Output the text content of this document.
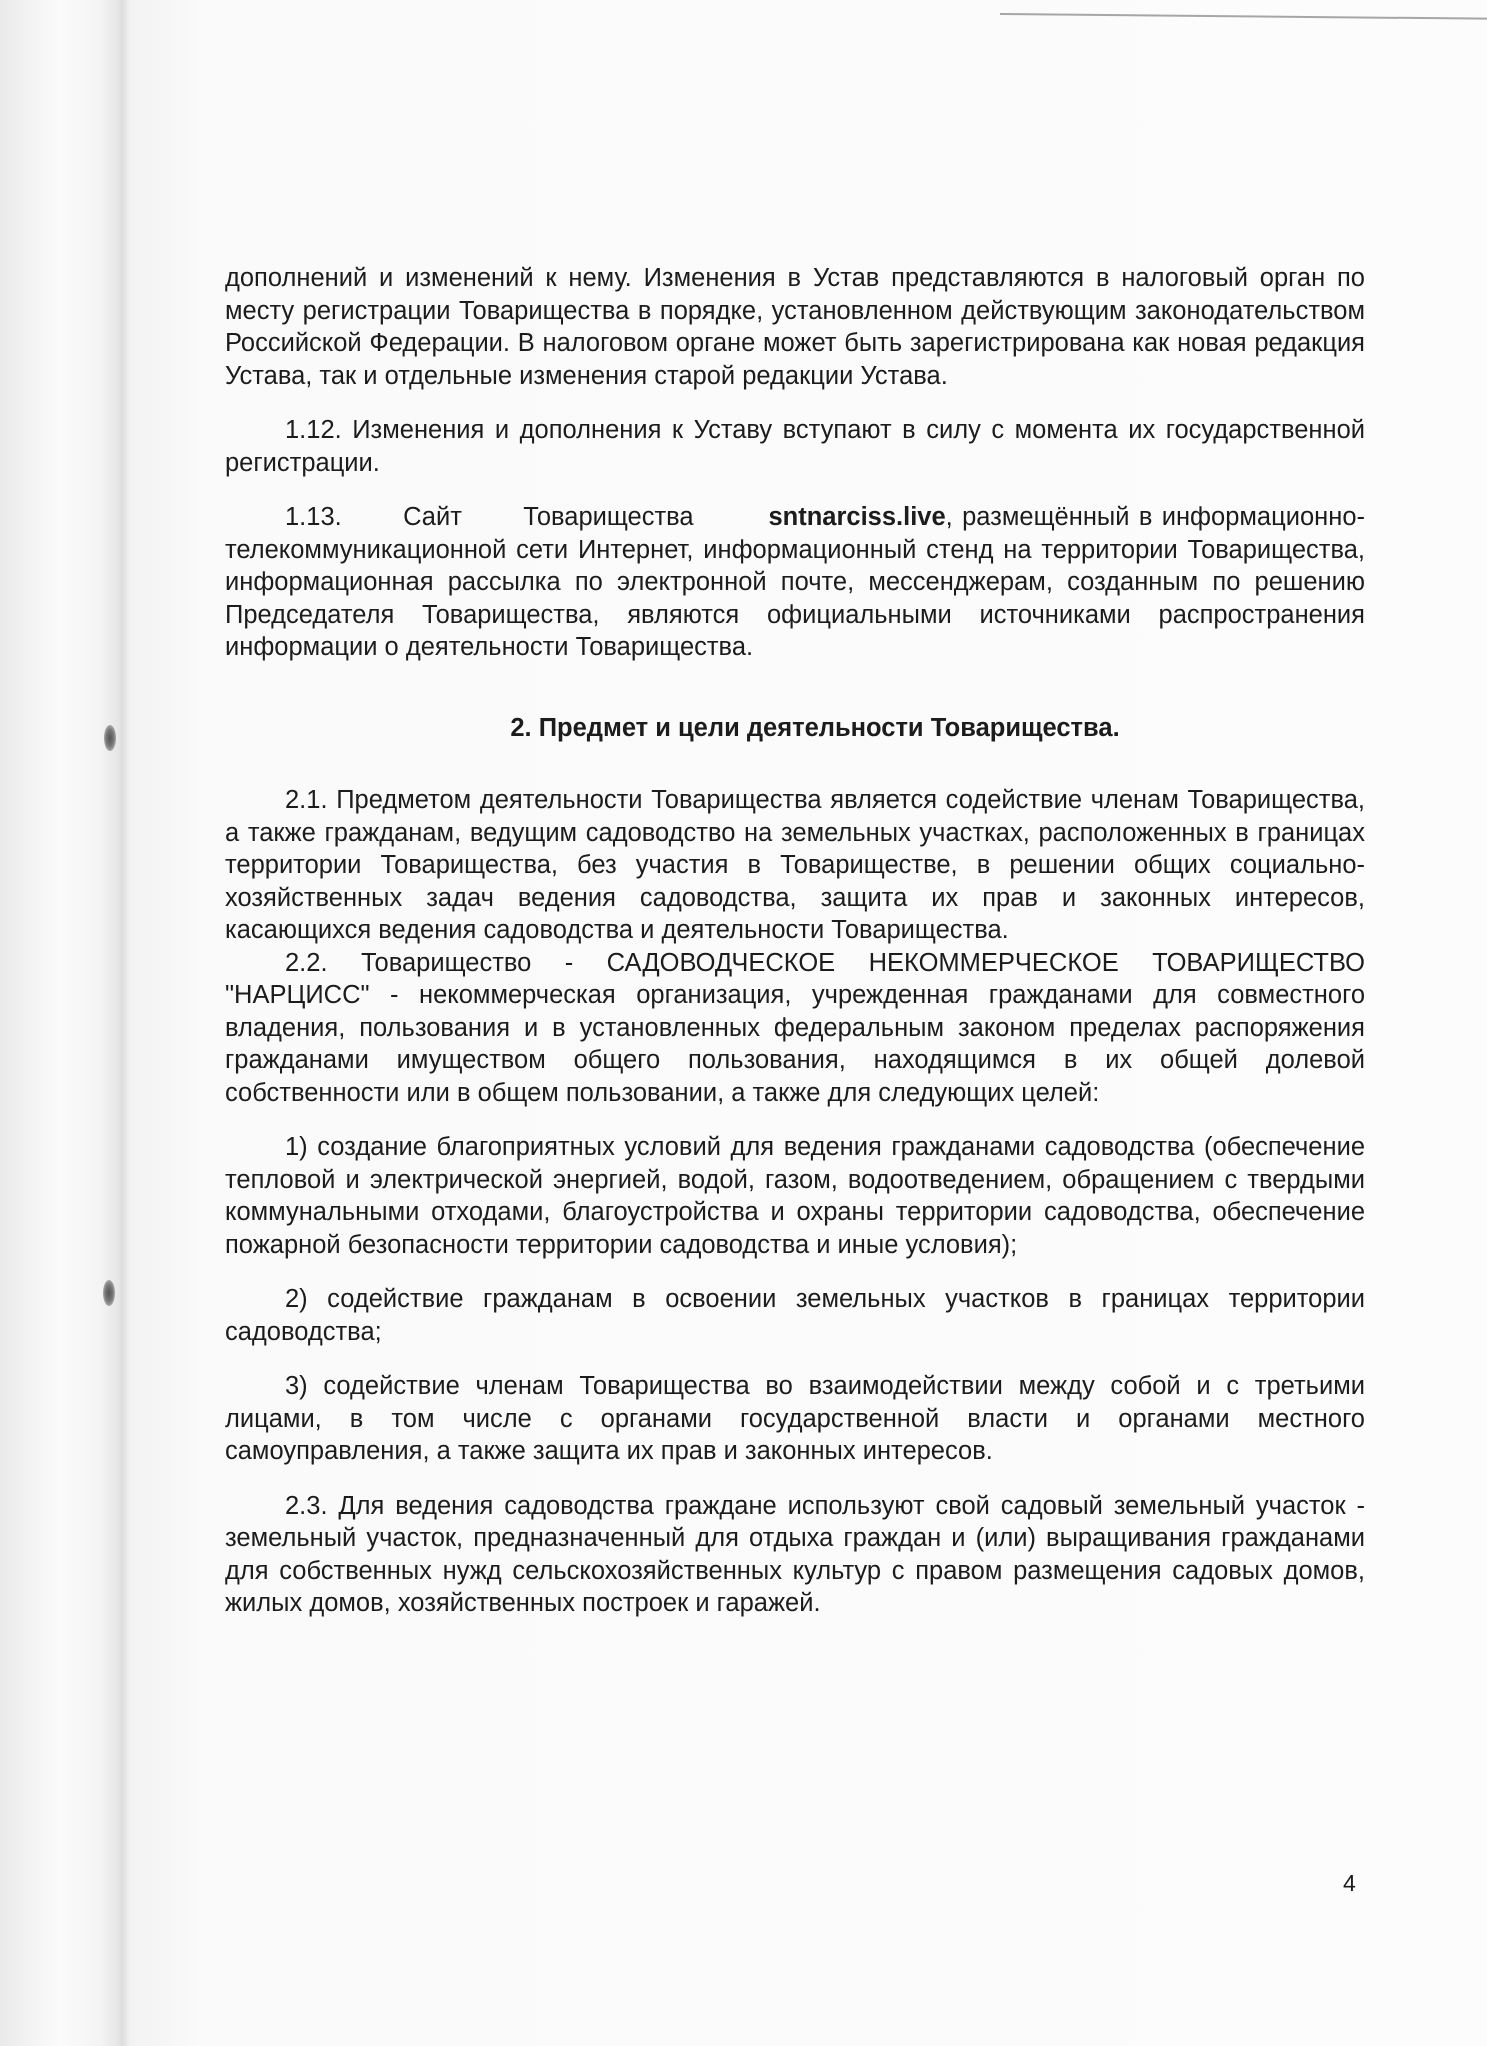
дополнений и изменений к нему. Изменения в Устав представляются в налоговый орган по месту регистрации Товарищества в порядке, установленном действующим законодательством Российской Федерации. В налоговом органе может быть зарегистрирована как новая редакция Устава, так и отдельные изменения старой редакции Устава.

1.12. Изменения и дополнения к Уставу вступают в силу с момента их государственной регистрации.

1.13. Сайт Товарищества	sntnarciss.live, размещённый в информационно-телекоммуникационной сети Интернет, информационный стенд на территории Товарищества, информационная рассылка по электронной почте, мессенджерам, созданным по решению Председателя Товарищества, являются официальными источниками распространения информации о деятельности Товарищества.

2. Предмет и цели деятельности Товарищества.

2.1. Предметом деятельности Товарищества является содействие членам Товарищества, а также гражданам, ведущим садоводство на земельных участках, расположенных в границах территории Товарищества, без участия в Товариществе, в решении общих социально-хозяйственных задач ведения садоводства, защита их прав и законных интересов, касающихся ведения садоводства и деятельности Товарищества.

2.2. Товарищество - САДОВОДЧЕСКОЕ НЕКОММЕРЧЕСКОЕ ТОВАРИЩЕСТВО "НАРЦИСС" - некоммерческая организация, учрежденная гражданами для совместного владения, пользования и в установленных федеральным законом пределах распоряжения гражданами имуществом общего пользования, находящимся в их общей долевой собственности или в общем пользовании, а также для следующих целей:

1) создание благоприятных условий для ведения гражданами садоводства (обеспечение тепловой и электрической энергией, водой, газом, водоотведением, обращением с твердыми коммунальными отходами, благоустройства и охраны территории садоводства, обеспечение пожарной безопасности территории садоводства и иные условия);

2) содействие гражданам в освоении земельных участков в границах территории садоводства;

3) содействие членам Товарищества во взаимодействии между собой и с третьими лицами, в том числе с органами государственной власти и органами местного самоуправления, а также защита их прав и законных интересов.

2.3. Для ведения садоводства граждане используют свой садовый земельный участок - земельный участок, предназначенный для отдыха граждан и (или) выращивания гражданами для собственных нужд сельскохозяйственных культур с правом размещения садовых домов, жилых домов, хозяйственных построек и гаражей.

4
